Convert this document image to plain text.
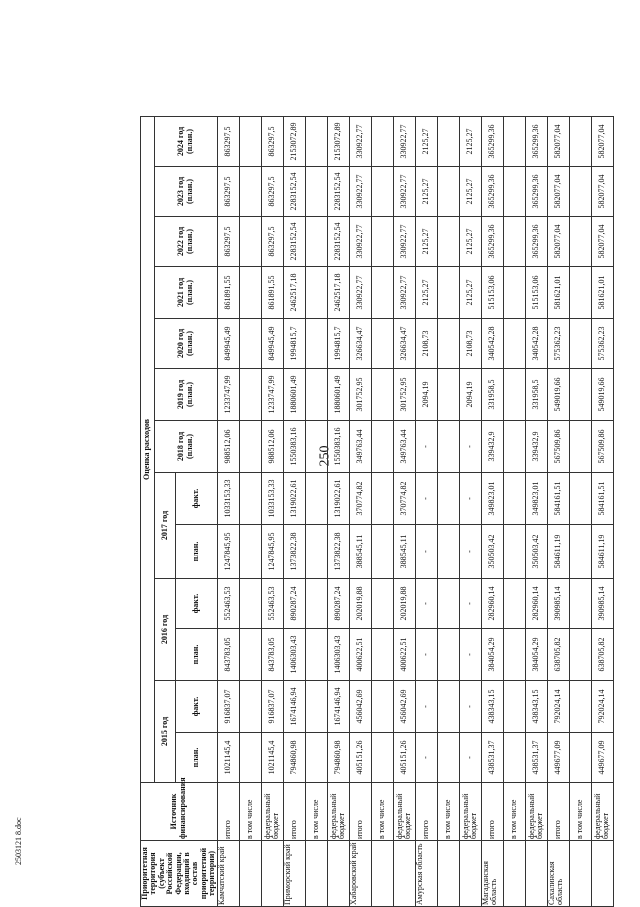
250
2503121 8.doc
Приоритетная территория (субъект Российской Федерации, входящий в состав приоритетной территории)	Источник финансирования	Оценка расходов												
		2015 год		2016 год		2017 год		2018 год (план.)	2019 год (план.)	2020 год (план.)	2021 год (план.)	2022 год (план.)	2023 год (план.)	2024 год (план.)
		план.	факт.	план.	факт.	план.	факт.							
Камчатский край	итого	1021145,4	916837,07	843783,05	552463,53	1247845,95	1033153,33	988512,06	1233747,99	849945,49	861891,55	863297,5	863297,5	863297,5
	в том числе													
	федеральный бюджет	1021145,4	916837,07	843783,05	552463,53	1247845,95	1033153,33	988512,06	1233747,99	849945,49	861891,55	863297,5	863297,5	863297,5
Приморский край	итого	794860,98	1674146,94	1406303,43	890287,24	1373822,38	1319022,61	1550383,16	1880601,49	1994815,7	2462517,18	2283152,54	2283152,54	2153072,89
	в том числе													
	федеральный бюджет	794860,98	1674146,94	1406303,43	890287,24	1373822,38	1319022,61	1550383,16	1880601,49	1994815,7	2462517,18	2283152,54	2283152,54	2153072,89
Хабаровский край	итого	405151,26	456042,69	400622,51	202019,88	388545,11	370774,82	349763,44	301752,95	326634,47	330922,77	330922,77	330922,77	330922,77
	в том числе													
	федеральный бюджет	405151,26	456042,69	400622,51	202019,88	388545,11	370774,82	349763,44	301752,95	326634,47	330922,77	330922,77	330922,77	330922,77
Амурская область	итого	-	-	-	-	-	-	-	2094,19	2108,73	2125,27	2125,27	2125,27	2125,27
	в том числе													
	федеральный бюджет	-	-	-	-	-	-	-	2094,19	2108,73	2125,27	2125,27	2125,27	2125,27
Магаданская область	итого	438531,37	438343,15	384054,29	282960,14	350503,42	349823,01	339432,9	331958,5	340542,28	515153,06	365299,36	365299,36	365299,36
	в том числе													
	федеральный бюджет	438531,37	438343,15	384054,29	282960,14	350503,42	349823,01	339432,9	331958,5	340542,28	515153,06	365299,36	365299,36	365299,36
Сахалинская область	итого	449677,09	792024,14	638705,82	390985,14	584611,19	584161,51	567509,86	549019,66	575362,23	581621,01	582077,04	582077,04	582077,04
	в том числе													
	федеральный бюджет	449677,09	792024,14	638705,82	390985,14	584611,19	584161,51	567509,86	549019,66	575362,23	581621,01	582077,04	582077,04	582077,04
